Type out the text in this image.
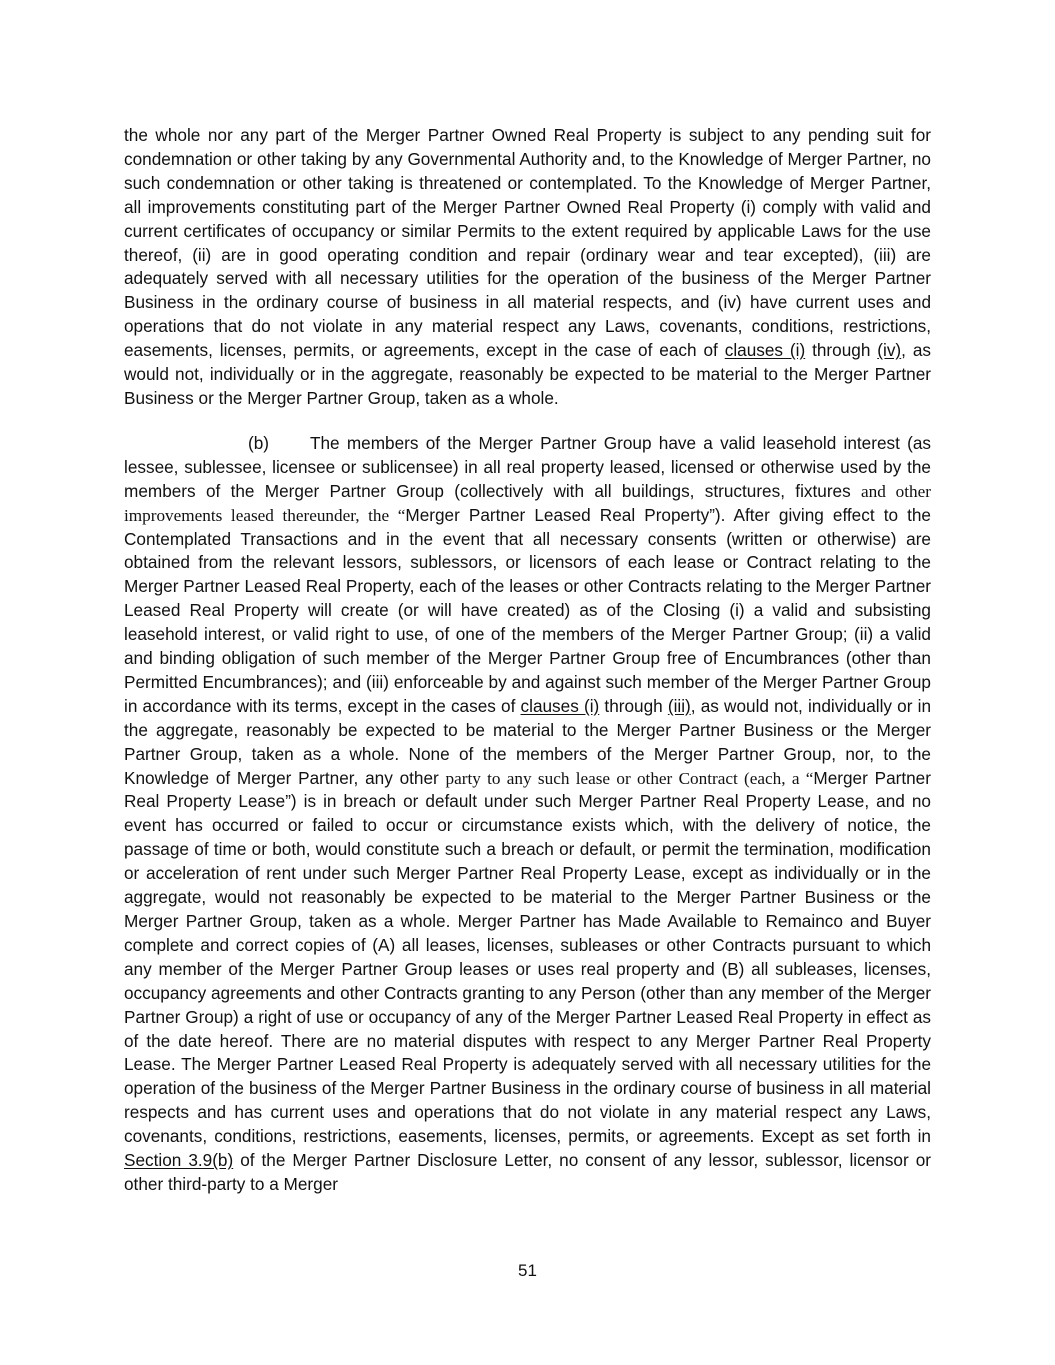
the whole nor any part of the Merger Partner Owned Real Property is subject to any pending suit for condemnation or other taking by any Governmental Authority and, to the Knowledge of Merger Partner, no such condemnation or other taking is threatened or contemplated. To the Knowledge of Merger Partner, all improvements constituting part of the Merger Partner Owned Real Property (i) comply with valid and current certificates of occupancy or similar Permits to the extent required by applicable Laws for the use thereof, (ii) are in good operating condition and repair (ordinary wear and tear excepted), (iii) are adequately served with all necessary utilities for the operation of the business of the Merger Partner Business in the ordinary course of business in all material respects, and (iv) have current uses and operations that do not violate in any material respect any Laws, covenants, conditions, restrictions, easements, licenses, permits, or agreements, except in the case of each of clauses (i) through (iv), as would not, individually or in the aggregate, reasonably be expected to be material to the Merger Partner Business or the Merger Partner Group, taken as a whole.

(b) The members of the Merger Partner Group have a valid leasehold interest (as lessee, sublessee, licensee or sublicensee) in all real property leased, licensed or otherwise used by the members of the Merger Partner Group (collectively with all buildings, structures, fixtures and other improvements leased thereunder, the “Merger Partner Leased Real Property”). After giving effect to the Contemplated Transactions and in the event that all necessary consents (written or otherwise) are obtained from the relevant lessors, sublessors, or licensors of each lease or Contract relating to the Merger Partner Leased Real Property, each of the leases or other Contracts relating to the Merger Partner Leased Real Property will create (or will have created) as of the Closing (i) a valid and subsisting leasehold interest, or valid right to use, of one of the members of the Merger Partner Group; (ii) a valid and binding obligation of such member of the Merger Partner Group free of Encumbrances (other than Permitted Encumbrances); and (iii) enforceable by and against such member of the Merger Partner Group in accordance with its terms, except in the cases of clauses (i) through (iii), as would not, individually or in the aggregate, reasonably be expected to be material to the Merger Partner Business or the Merger Partner Group, taken as a whole. None of the members of the Merger Partner Group, nor, to the Knowledge of Merger Partner, any other party to any such lease or other Contract (each, a “Merger Partner Real Property Lease”) is in breach or default under such Merger Partner Real Property Lease, and no event has occurred or failed to occur or circumstance exists which, with the delivery of notice, the passage of time or both, would constitute such a breach or default, or permit the termination, modification or acceleration of rent under such Merger Partner Real Property Lease, except as individually or in the aggregate, would not reasonably be expected to be material to the Merger Partner Business or the Merger Partner Group, taken as a whole. Merger Partner has Made Available to Remainco and Buyer complete and correct copies of (A) all leases, licenses, subleases or other Contracts pursuant to which any member of the Merger Partner Group leases or uses real property and (B) all subleases, licenses, occupancy agreements and other Contracts granting to any Person (other than any member of the Merger Partner Group) a right of use or occupancy of any of the Merger Partner Leased Real Property in effect as of the date hereof. There are no material disputes with respect to any Merger Partner Real Property Lease. The Merger Partner Leased Real Property is adequately served with all necessary utilities for the operation of the business of the Merger Partner Business in the ordinary course of business in all material respects and has current uses and operations that do not violate in any material respect any Laws, covenants, conditions, restrictions, easements, licenses, permits, or agreements. Except as set forth in Section 3.9(b) of the Merger Partner Disclosure Letter, no consent of any lessor, sublessor, licensor or other third-party to a Merger

51
